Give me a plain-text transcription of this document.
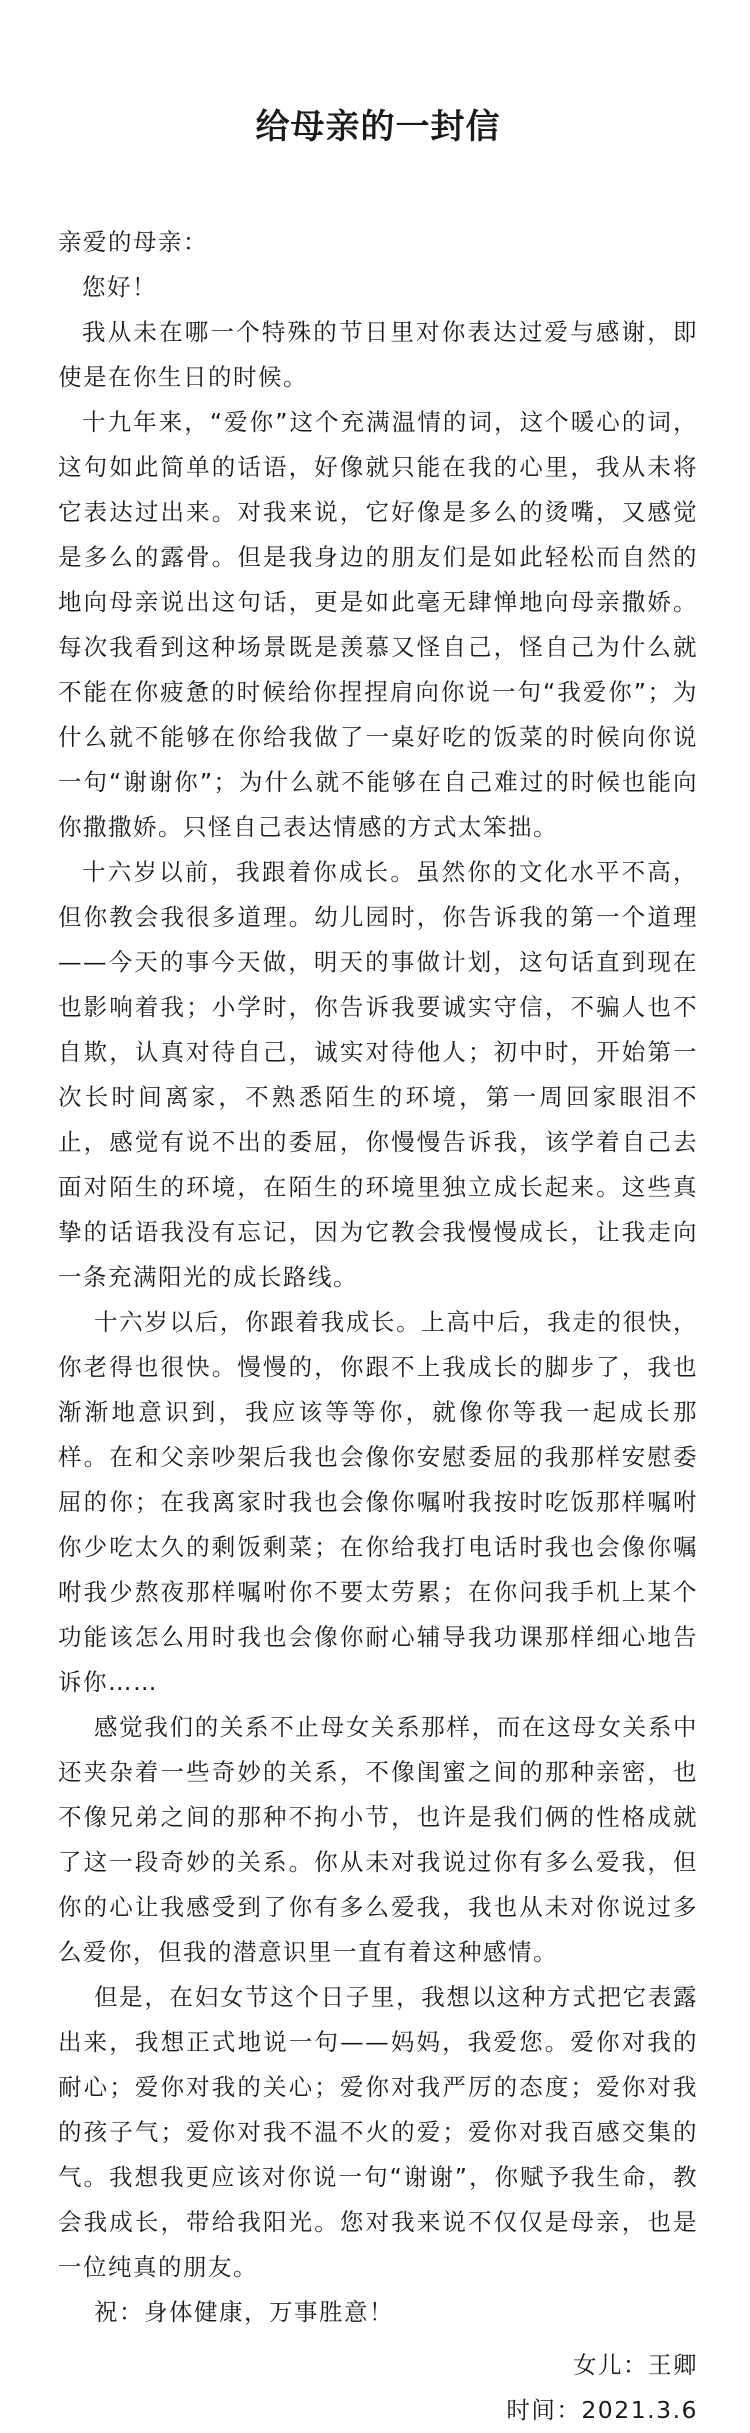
给母亲的一封信

亲爱的母亲：

您好！

我从未在哪一个特殊的节日里对你表达过爱与感谢，即使是在你生日的时候。

十九年来，“爱你”这个充满温情的词，这个暖心的词，这句如此简单的话语，好像就只能在我的心里，我从未将它表达过出来。对我来说，它好像是多么的烫嘴，又感觉是多么的露骨。但是我身边的朋友们是如此轻松而自然的地向母亲说出这句话，更是如此毫无肆惮地向母亲撒娇。每次我看到这种场景既是羡慕又怪自己，怪自己为什么就不能在你疲惫的时候给你捏捏肩向你说一句“我爱你”；为什么就不能够在你给我做了一桌好吃的饭菜的时候向你说一句“谢谢你”；为什么就不能够在自己难过的时候也能向你撒撒娇。只怪自己表达情感的方式太笨拙。

十六岁以前，我跟着你成长。虽然你的文化水平不高，但你教会我很多道理。幼儿园时，你告诉我的第一个道理——今天的事今天做，明天的事做计划，这句话直到现在也影响着我；小学时，你告诉我要诚实守信，不骗人也不自欺，认真对待自己，诚实对待他人；初中时，开始第一次长时间离家，不熟悉陌生的环境，第一周回家眼泪不止，感觉有说不出的委屈，你慢慢告诉我，该学着自己去面对陌生的环境，在陌生的环境里独立成长起来。这些真挚的话语我没有忘记，因为它教会我慢慢成长，让我走向一条充满阳光的成长路线。

十六岁以后，你跟着我成长。上高中后，我走的很快，你老得也很快。慢慢的，你跟不上我成长的脚步了，我也渐渐地意识到，我应该等等你，就像你等我一起成长那样。在和父亲吵架后我也会像你安慰委屈的我那样安慰委屈的你；在我离家时我也会像你嘱咐我按时吃饭那样嘱咐你少吃太久的剩饭剩菜；在你给我打电话时我也会像你嘱咐我少熬夜那样嘱咐你不要太劳累；在你问我手机上某个功能该怎么用时我也会像你耐心辅导我功课那样细心地告诉你……

感觉我们的关系不止母女关系那样，而在这母女关系中还夹杂着一些奇妙的关系，不像闺蜜之间的那种亲密，也不像兄弟之间的那种不拘小节，也许是我们俩的性格成就了这一段奇妙的关系。你从未对我说过你有多么爱我，但你的心让我感受到了你有多么爱我，我也从未对你说过多么爱你，但我的潜意识里一直有着这种感情。

但是，在妇女节这个日子里，我想以这种方式把它表露出来，我想正式地说一句——妈妈，我爱您。爱你对我的耐心；爱你对我的关心；爱你对我严厉的态度；爱你对我的孩子气；爱你对我不温不火的爱；爱你对我百感交集的气。我想我更应该对你说一句“谢谢”，你赋予我生命，教会我成长，带给我阳光。您对我来说不仅仅是母亲，也是一位纯真的朋友。

祝：身体健康，万事胜意！

女儿：王卿

时间：2021.3.6
